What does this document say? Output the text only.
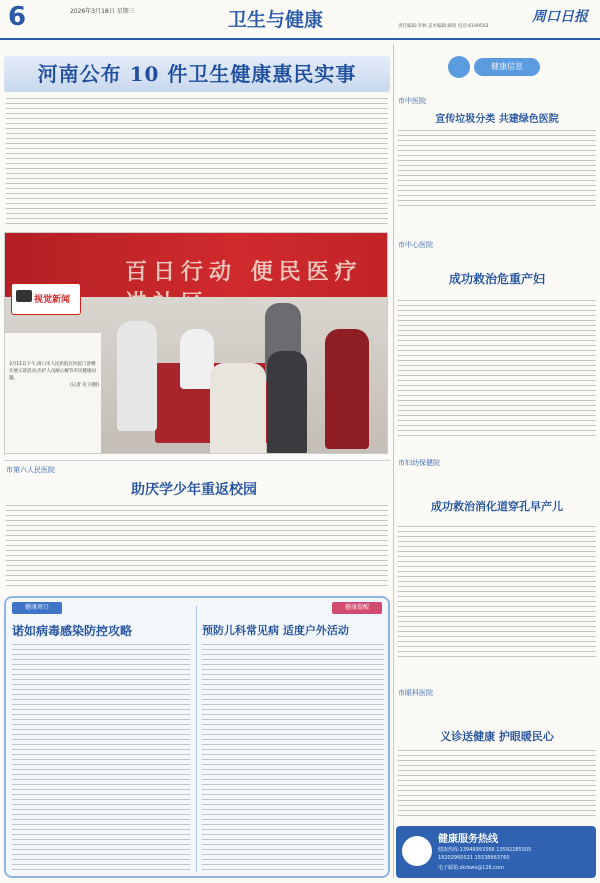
6	2026年3月18日 星期三	卫生与健康	责任编辑:李林 美术编辑:路瑶 电话:6199503
周口日报
河南公布 10 件卫生健康惠民实事
百日行动 便民医疗
视觉新闻
3月11日下午,周口市人民医院在医院门诊楼开展义诊活动,医护人员耐心解答市民健康问题。

(记者 史 闪摄)
市第六人民医院
助厌学少年重返校园
健康周口
诺如病毒感染防控攻略
健康提醒
预防儿科常见病 适度户外活动
健康信息
市中医院
宣传垃圾分类 共建绿色医院
市中心医院
成功救治危重产妇
市妇幼保健院
成功救治消化道穿孔早产儿
市眼科医院
义诊送健康 护眼暖民心
健康服务热线
健康热线:13949993366 13592285505
18202960521 15538663760
电子邮箱:zkrbws@126.com
